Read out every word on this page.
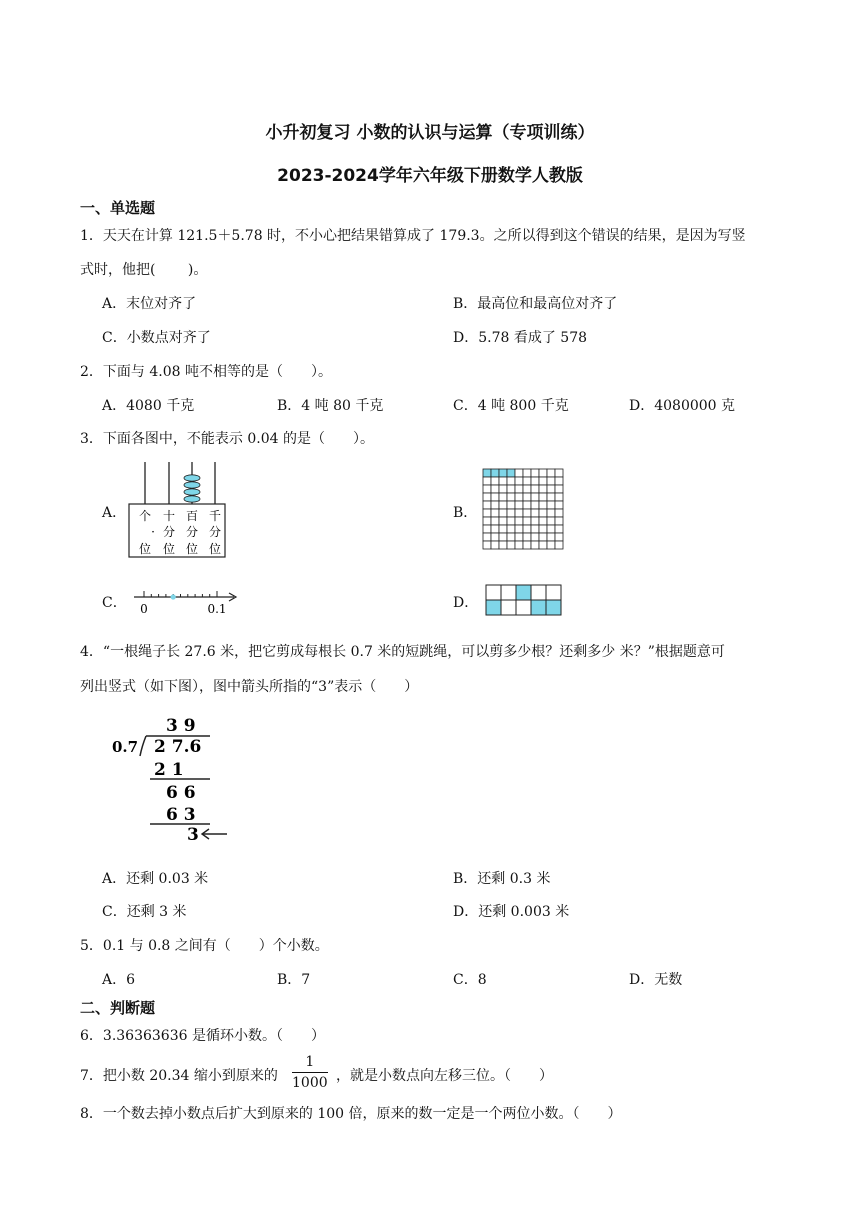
小升初复习 小数的认识与运算（专项训练）
2023-2024学年六年级下册数学人教版
一、单选题
1．天天在计算 121.5＋5.78 时，不小心把结果错算成了 179.3。之所以得到这个错误的结果，是因为写竖
式时，他把(　　 )。
A．末位对齐了	B．最高位和最高位对齐了
C．小数点对齐了	D．5.78 看成了 578
2．下面与 4.08 吨不相等的是（　　）。
A．4080 千克	B．4 吨 80 千克	C．4 吨 800 千克	D．4080000 克
3．下面各图中，不能表示 0.04 的是（　　）。
A． 个 十 百 千
· 分 分 分
位 位 位 位
B．
C． 0	0.1	D．
4．“一根绳子长 27.6 米，把它剪成每根长 0.7 米的短跳绳，可以剪多少根？还剩多少 米？”根据题意可
列出竖式（如下图），图中箭头所指的“3”表示（　　）
3 9
0.7 2 7.6
2 1
6 6
6 3
3
A．还剩 0.03 米	B．还剩 0.3 米
C．还剩 3 米	D．还剩 0.003 米
5．0.1 与 0.8 之间有（　　）个小数。
A．6	B．7	C．8	D．无数
二、判断题
6．3.36363636 是循环小数。（　　）
7．把小数 20.34 缩小到原来的 $\frac{1}{1000}$ ，就是小数点向左移三位。（　　）
8．一个数去掉小数点后扩大到原来的 100 倍，原来的数一定是一个两位小数。（　　）
